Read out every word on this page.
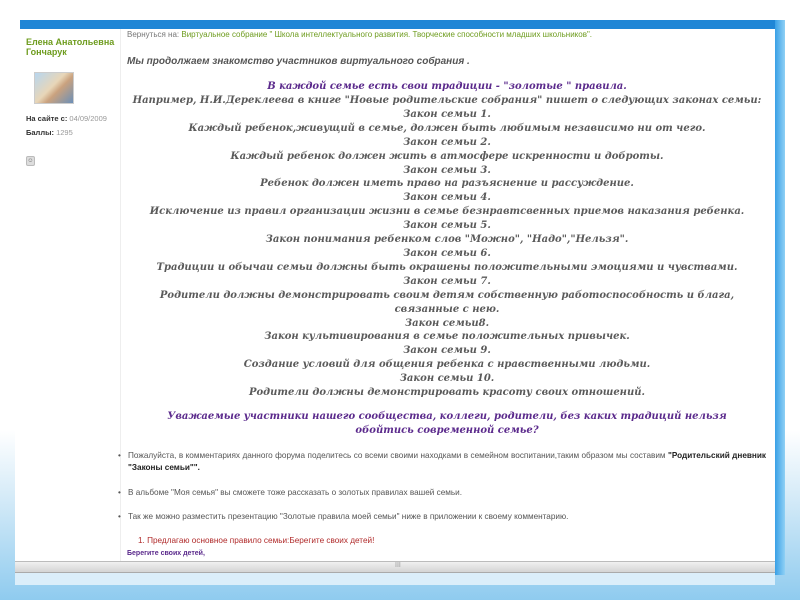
Елена Анатольевна Гончарук
На сайте с: 04/09/2009
Баллы: 1295
☺
Вернуться на: Виртуальное собрание " Школа интеллектуального развития. Творческие способности младших школьников".
Мы продолжаем знакомство участников виртуального собрания .
В каждой семье есть свои традиции - "золотые " правила.
Например, Н.И.Дереклеева в книге "Новые родительские собрания" пишет о следующих законах семьи:
Закон семьи 1.
Каждый ребенок,живущий в семье, должен быть любимым независимо ни от чего.
Закон семьи 2.
Каждый ребенок должен жить в атмосфере искренности и доброты.
Закон семьи 3.
Ребенок должен иметь право на разъяснение и рассуждение.
Закон семьи 4.
Исключение из правил организации жизни в семье безнравтсвенных приемов наказания ребенка.
Закон семьи 5.
Закон понимания ребенком слов "Можно", "Надо","Нельзя".
Закон семьи 6.
Традиции и обычаи семьи должны быть окрашены положительными эмоциями и чувствами.
Закон семьи 7.
Родители должны демонстрировать своим детям собственную работоспособность и блага, связанные с нею.
Закон семьи8.
Закон культивирования в семье положительных привычек.
Закон семьи 9.
Создание условий для общения ребенка с нравственными людьми.
Закон семьи 10.
Родители должны демонстрировать красоту своих отношений.
Уважаемые участники нашего сообщества, коллеги, родители, без каких традиций нельзя обойтись современной семье?
• Пожалуйста, в комментариях данного форума поделитесь со всеми своими находками в семейном воспитании,таким образом мы составим "Родительский дневник "Законы семьи"".
• В альбоме "Моя семья" вы сможете тоже рассказать о золотых правилах вашей семьи.
• Так же можно разместить презентацию "Золотые правила моей семьи" ниже в приложении к своему комментарию.
1. Предлагаю основное правило семьи:Берегите своих детей!
Берегите своих детей,
III
